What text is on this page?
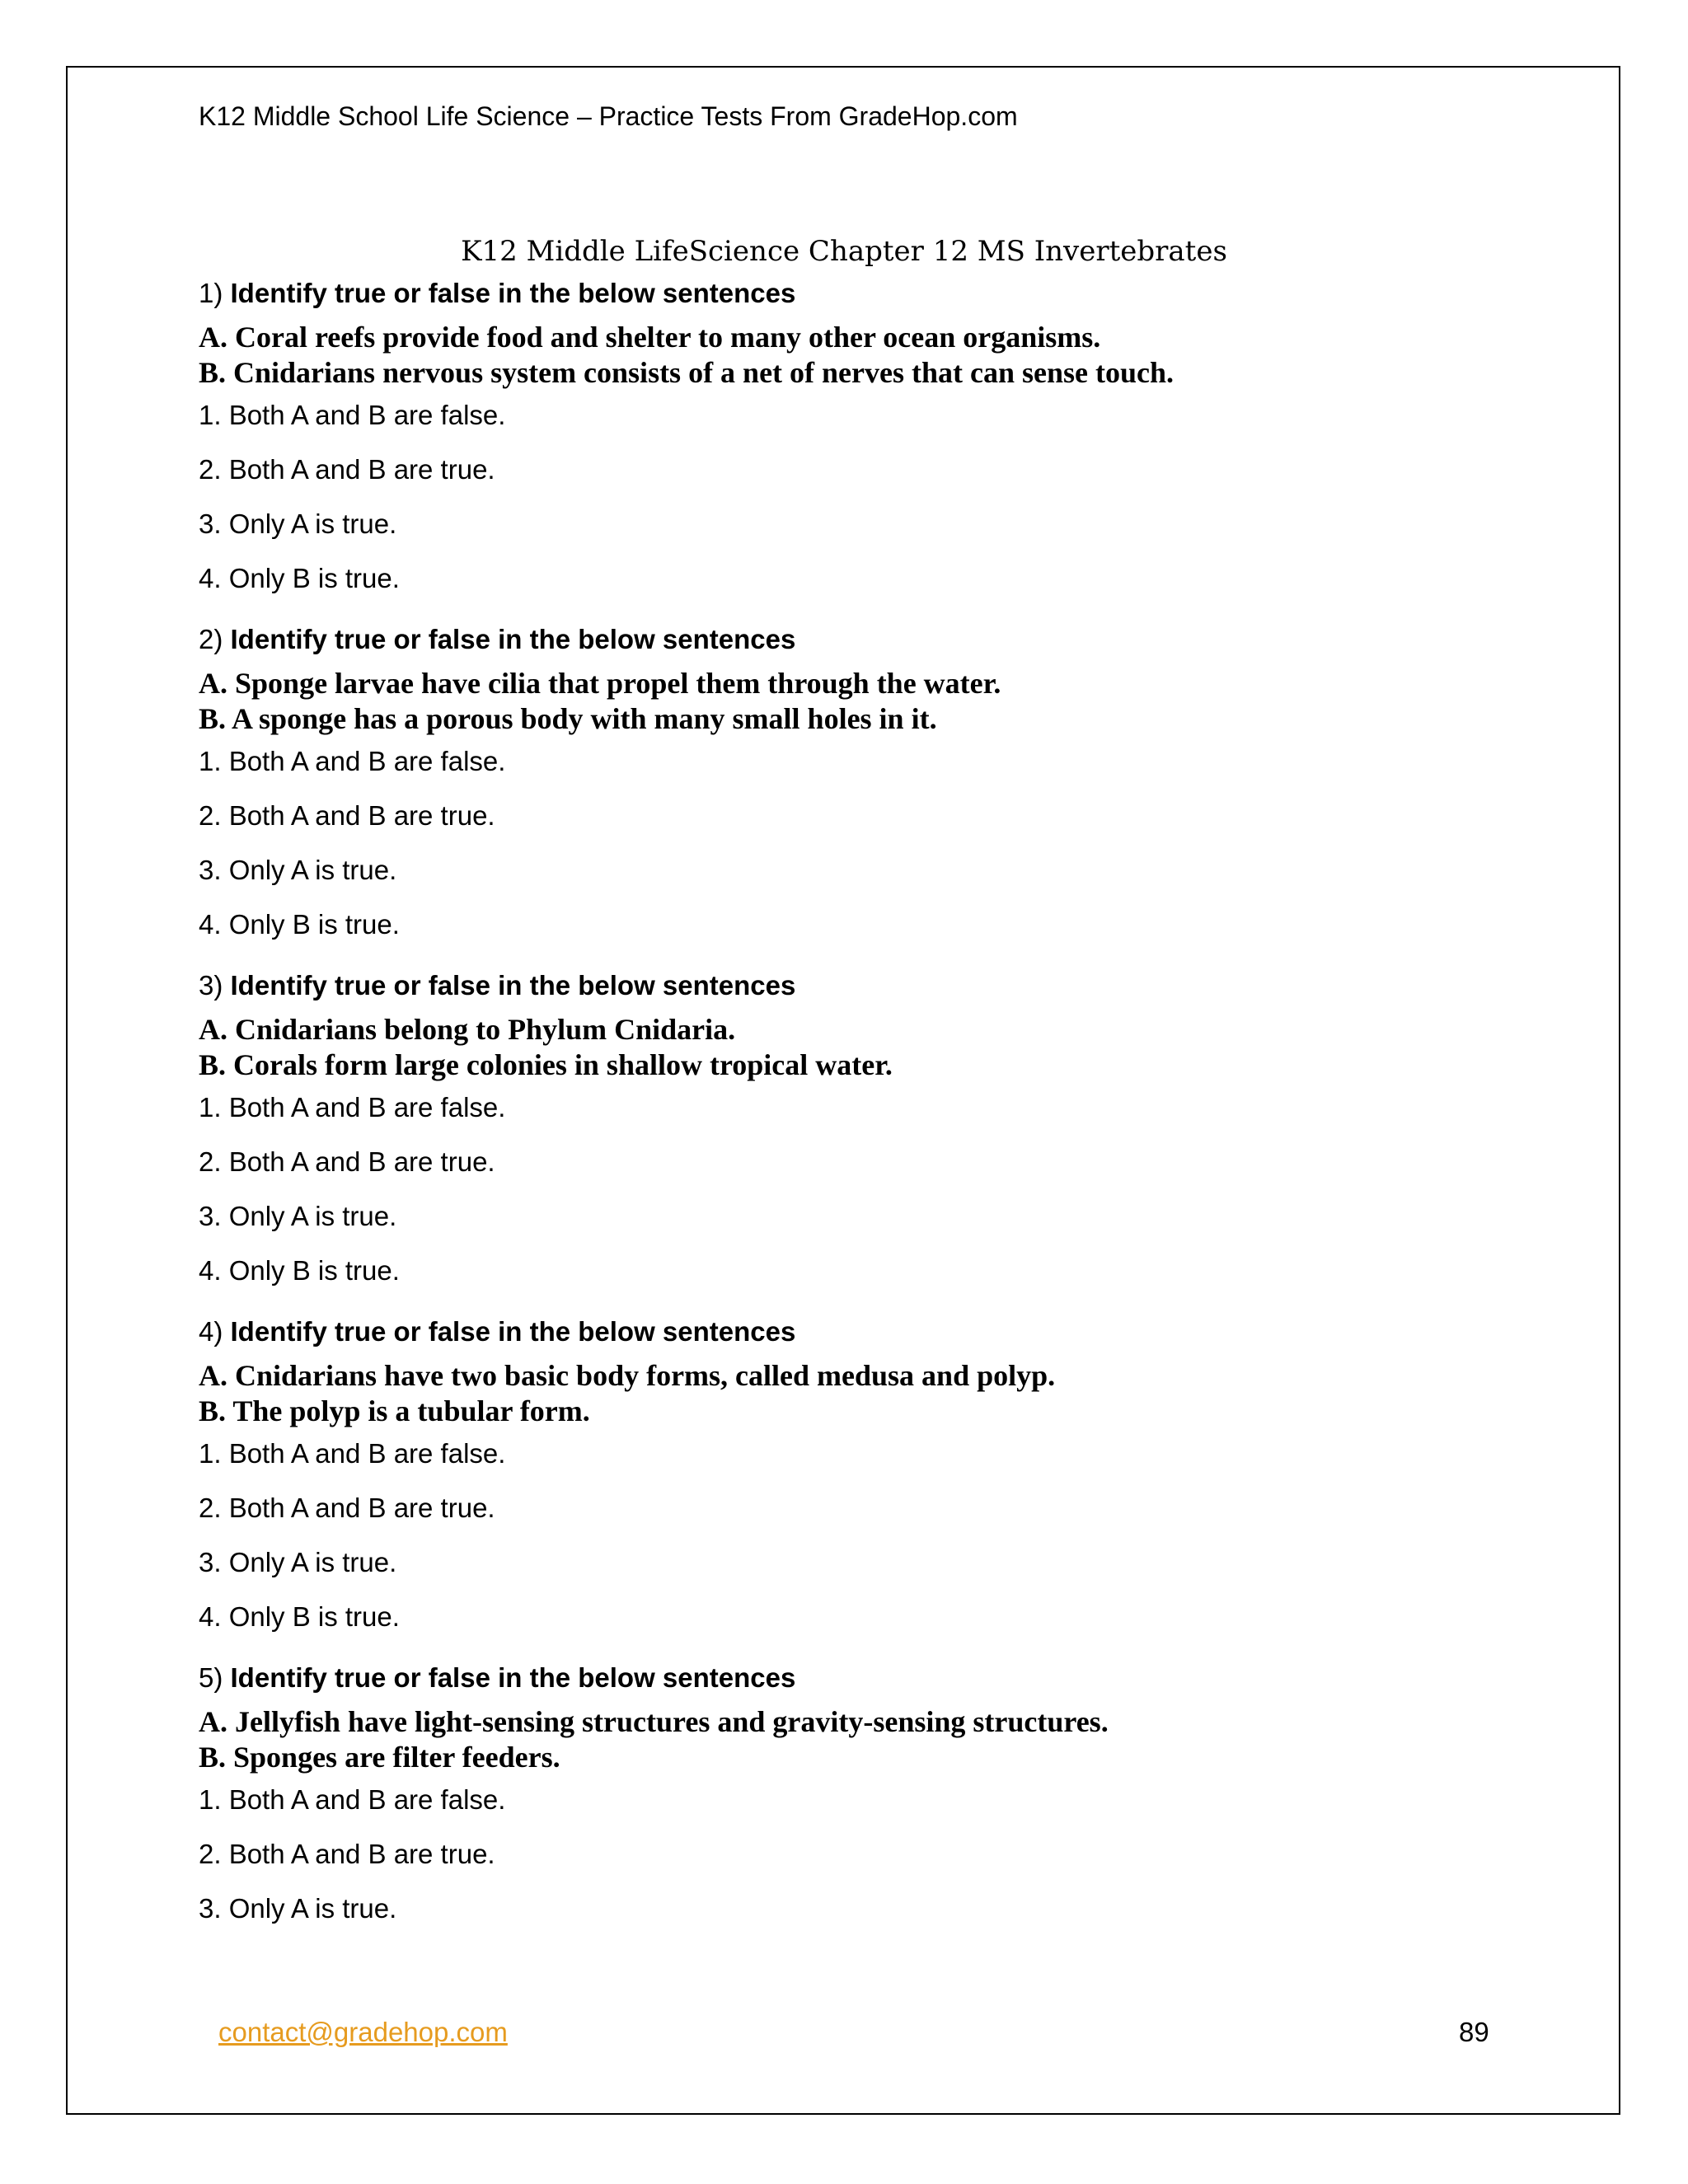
K12 Middle School Life Science – Practice Tests From GradeHop.com
K12 Middle LifeScience Chapter 12 MS Invertebrates
1) Identify true or false in the below sentences
A. Coral reefs provide food and shelter to many other ocean organisms.
B. Cnidarians nervous system consists of a net of nerves that can sense touch.
1. Both A and B are false.
2. Both A and B are true.
3. Only A is true.
4. Only B is true.
2) Identify true or false in the below sentences
A. Sponge larvae have cilia that propel them through the water.
B. A sponge has a porous body with many small holes in it.
1. Both A and B are false.
2. Both A and B are true.
3. Only A is true.
4. Only B is true.
3) Identify true or false in the below sentences
A. Cnidarians belong to Phylum Cnidaria.
B. Corals form large colonies in shallow tropical water.
1. Both A and B are false.
2. Both A and B are true.
3. Only A is true.
4. Only B is true.
4) Identify true or false in the below sentences
A. Cnidarians have two basic body forms, called medusa and polyp.
B. The polyp is a tubular form.
1. Both A and B are false.
2. Both A and B are true.
3. Only A is true.
4. Only B is true.
5) Identify true or false in the below sentences
A. Jellyfish have light-sensing structures and gravity-sensing structures.
B. Sponges are filter feeders.
1. Both A and B are false.
2. Both A and B are true.
3. Only A is true.
contact@gradehop.com	89
